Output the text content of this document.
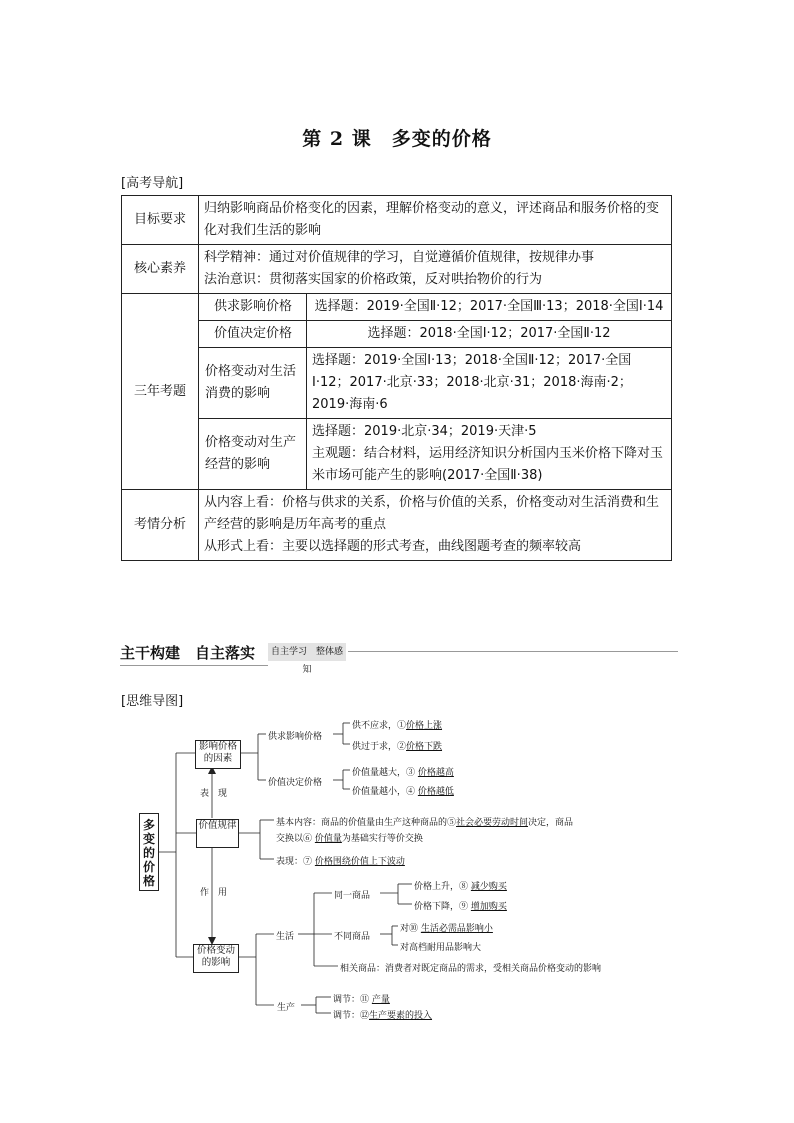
第 2 课　多变的价格
[高考导航]
目标要求	归纳影响商品价格变化的因素，理解价格变动的意义，评述商品和服务价格的变化对我们生活的影响	
核心素养	科学精神：通过对价值规律的学习，自觉遵循价值规律，按规律办事
法治意识：贯彻落实国家的价格政策，反对哄抬物价的行为	

三年考题	供求影响价格	选择题：2019·全国Ⅱ·12；2017·全国Ⅲ·13；2018·全国Ⅰ·14
	价值决定价格	选择题：2018·全国Ⅰ·12；2017·全国Ⅱ·12
	价格变动对生活消费的影响	选择题：2019·全国Ⅰ·13；2018·全国Ⅱ·12；2017·全国Ⅰ·12；2017·北京·33；2018·北京·31；2018·海南·2；2019·海南·6
	价格变动对生产经营的影响	选择题：2019·北京·34；2019·天津·5
主观题：结合材料，运用经济知识分析国内玉米价格下降对玉米市场可能产生的影响(2017·全国Ⅱ·38)

考情分析	从内容上看：价格与供求的关系，价格与价值的关系，价格变动对生活消费和生产经营的影响是历年高考的重点
从形式上看：主要以选择题的形式考查，曲线图题考查的频率较高	
主干构建　自主落实	自主学习　整体感知
[思维导图]
多变的价格
影响价格的因素
价值规律
价格变动的影响
表 现
作 用
供求影响价格
价值决定价格
供不应求，①价格上涨
供过于求，②价格下跌
价值量越大，③ 价格越高
价值量越小，④ 价格越低
基本内容：商品的价值量由生产这种商品的⑤社会必要劳动时间决定，商品
交换以⑥ 价值量为基础实行等价交换
表现：⑦ 价格围绕价值上下波动
生活
生产
同一商品
不同商品
价格上升，⑧ 减少购买
价格下降，⑨ 增加购买
对⑩ 生活必需品影响小
对高档耐用品影响大
相关商品：消费者对既定商品的需求，受相关商品价格变动的影响
调节：⑪ 产量
调节：⑫生产要素的投入
